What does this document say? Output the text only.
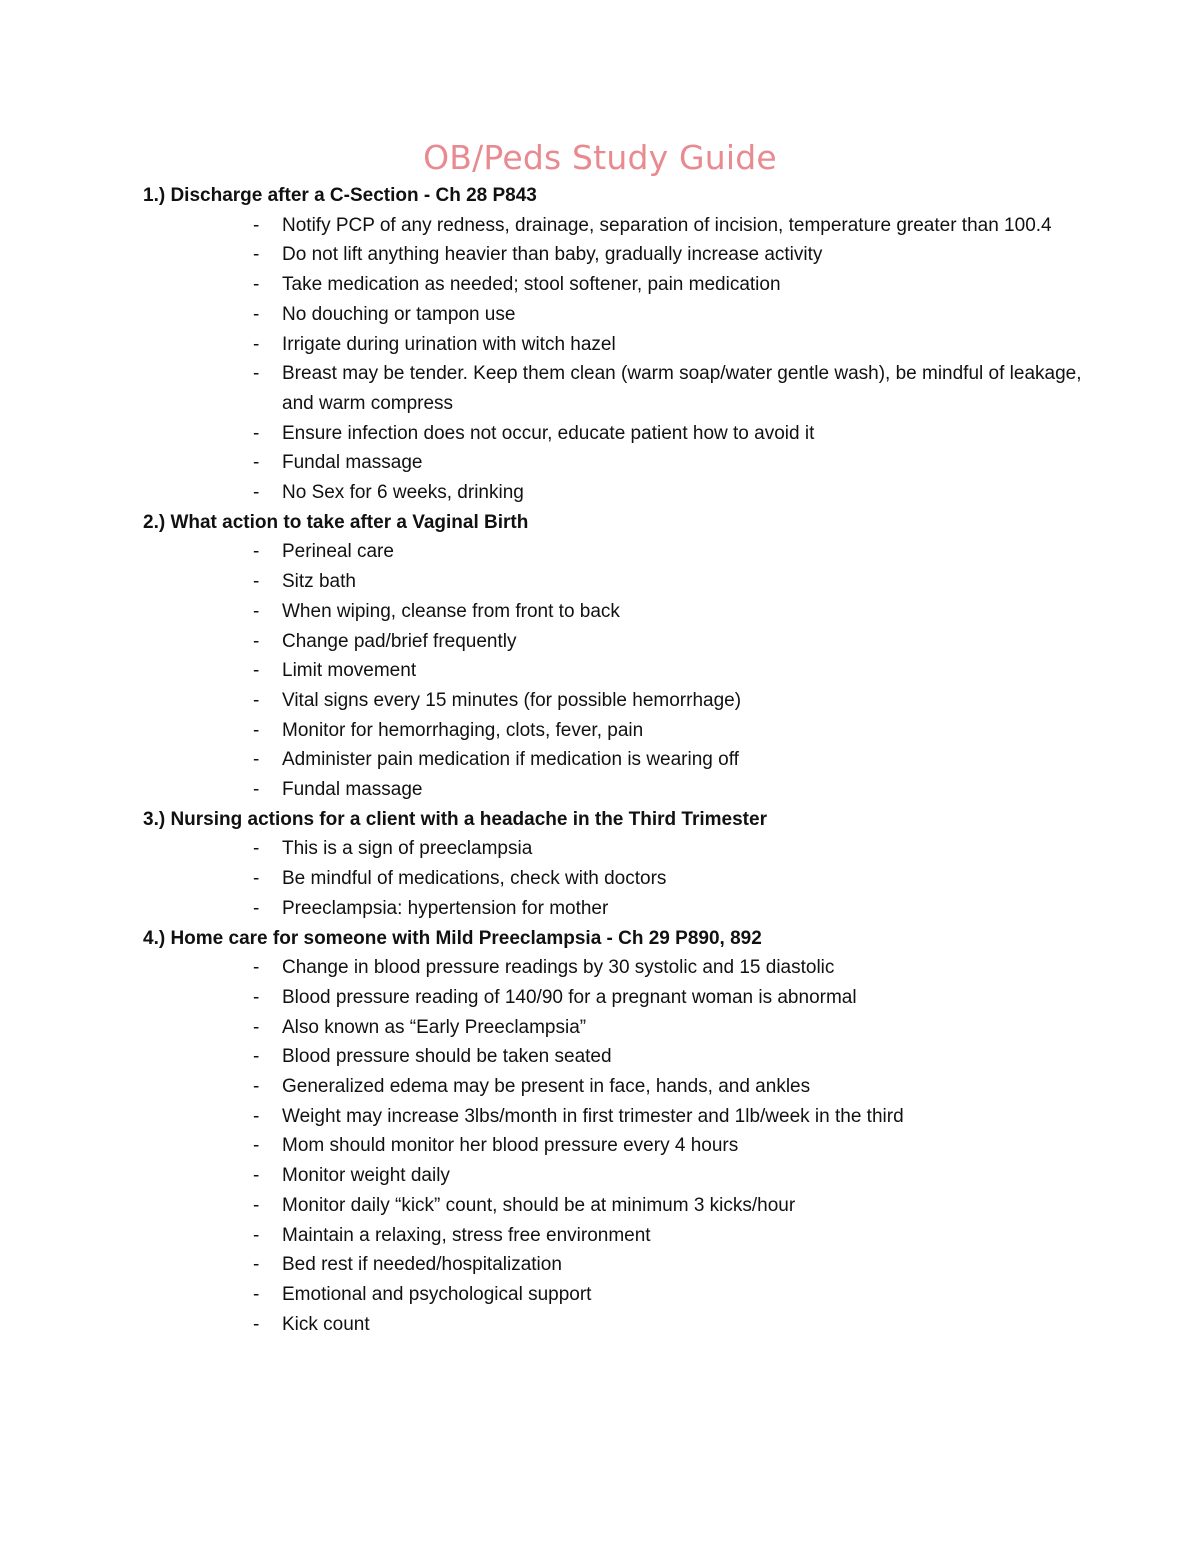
OB/Peds Study Guide
1.) Discharge after a C-Section - Ch 28 P843
-	Notify PCP of any redness, drainage, separation of incision, temperature greater than 100.4
-	Do not lift anything heavier than baby, gradually increase activity
-	Take medication as needed; stool softener, pain medication
-	No douching or tampon use
-	Irrigate during urination with witch hazel
-	Breast may be tender. Keep them clean (warm soap/water gentle wash), be mindful of leakage, and warm compress
-	Ensure infection does not occur, educate patient how to avoid it
-	Fundal massage
-	No Sex for 6 weeks, drinking
2.) What action to take after a Vaginal Birth
-	Perineal care
-	Sitz bath
-	When wiping, cleanse from front to back
-	Change pad/brief frequently
-	Limit movement
-	Vital signs every 15 minutes (for possible hemorrhage)
-	Monitor for hemorrhaging, clots, fever, pain
-	Administer pain medication if medication is wearing off
-	Fundal massage
3.) Nursing actions for a client with a headache in the Third Trimester
-	This is a sign of preeclampsia
-	Be mindful of medications, check with doctors
-	Preeclampsia: hypertension for mother
4.) Home care for someone with Mild Preeclampsia - Ch 29 P890, 892
-	Change in blood pressure readings by 30 systolic and 15 diastolic
-	Blood pressure reading of 140/90 for a pregnant woman is abnormal
-	Also known as “Early Preeclampsia”
-	Blood pressure should be taken seated
-	Generalized edema may be present in face, hands, and ankles
-	Weight may increase 3lbs/month in first trimester and 1lb/week in the third
-	Mom should monitor her blood pressure every 4 hours
-	Monitor weight daily
-	Monitor daily “kick” count, should be at minimum 3 kicks/hour
-	Maintain a relaxing, stress free environment
-	Bed rest if needed/hospitalization
-	Emotional and psychological support
-	Kick count
